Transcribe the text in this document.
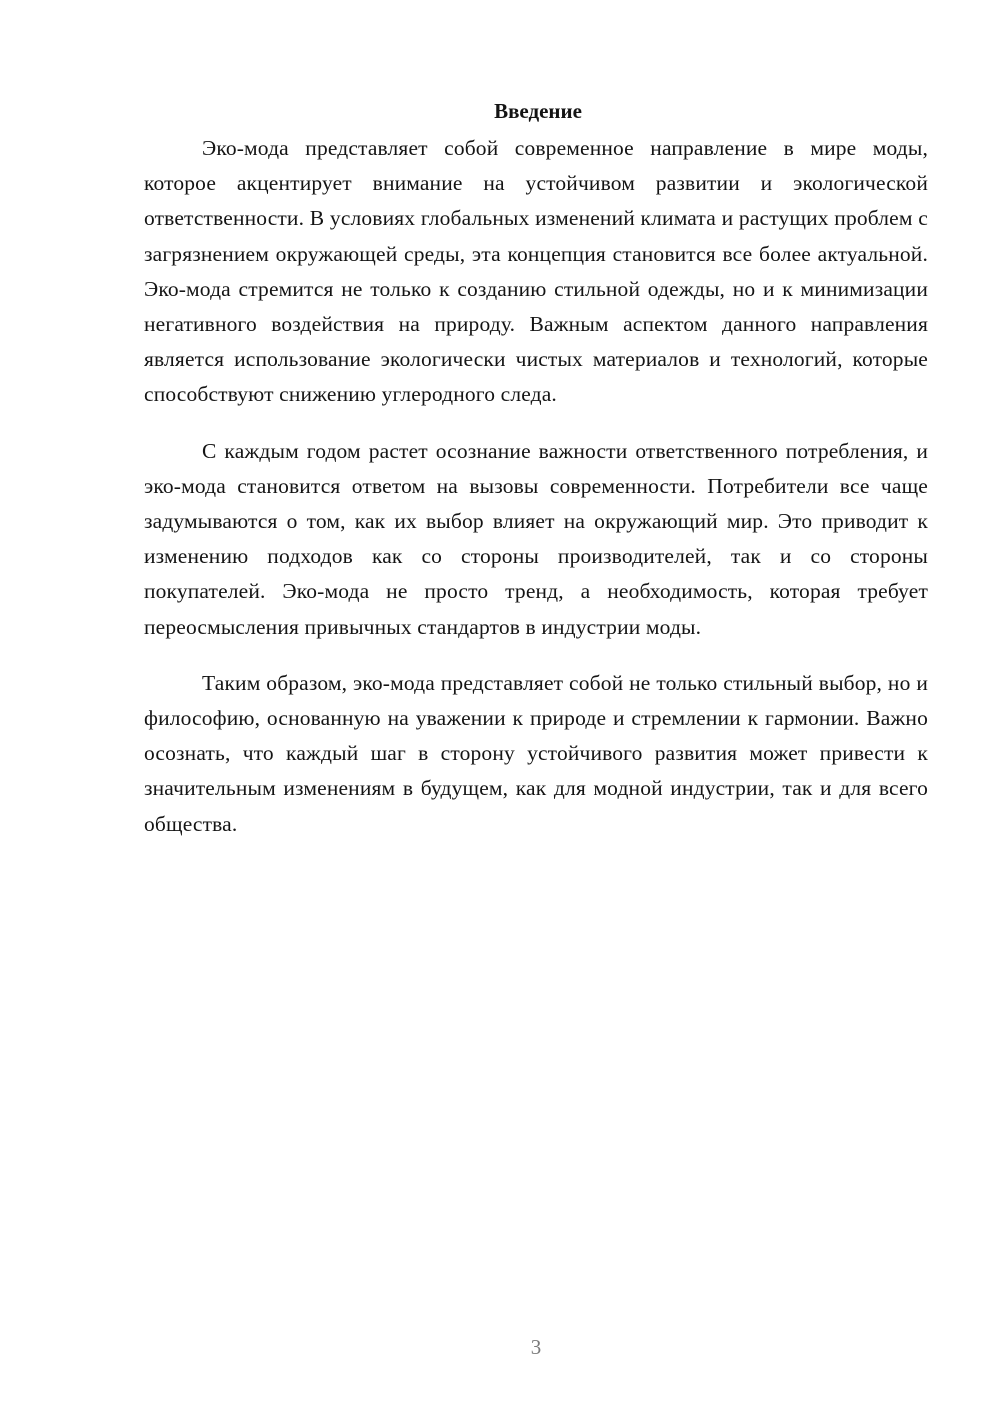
Введение

Эко-мода представляет собой современное направление в мире моды, которое акцентирует внимание на устойчивом развитии и экологической ответственности. В условиях глобальных изменений климата и растущих проблем с загрязнением окружающей среды, эта концепция становится все более актуальной. Эко-мода стремится не только к созданию стильной одежды, но и к минимизации негативного воздействия на природу. Важным аспектом данного направления является использование экологически чистых материалов и технологий, которые способствуют снижению углеродного следа.

С каждым годом растет осознание важности ответственного потребления, и эко-мода становится ответом на вызовы современности. Потребители все чаще задумываются о том, как их выбор влияет на окружающий мир. Это приводит к изменению подходов как со стороны производителей, так и со стороны покупателей. Эко-мода не просто тренд, а необходимость, которая требует переосмысления привычных стандартов в индустрии моды.

Таким образом, эко-мода представляет собой не только стильный выбор, но и философию, основанную на уважении к природе и стремлении к гармонии. Важно осознать, что каждый шаг в сторону устойчивого развития может привести к значительным изменениям в будущем, как для модной индустрии, так и для всего общества.

3
